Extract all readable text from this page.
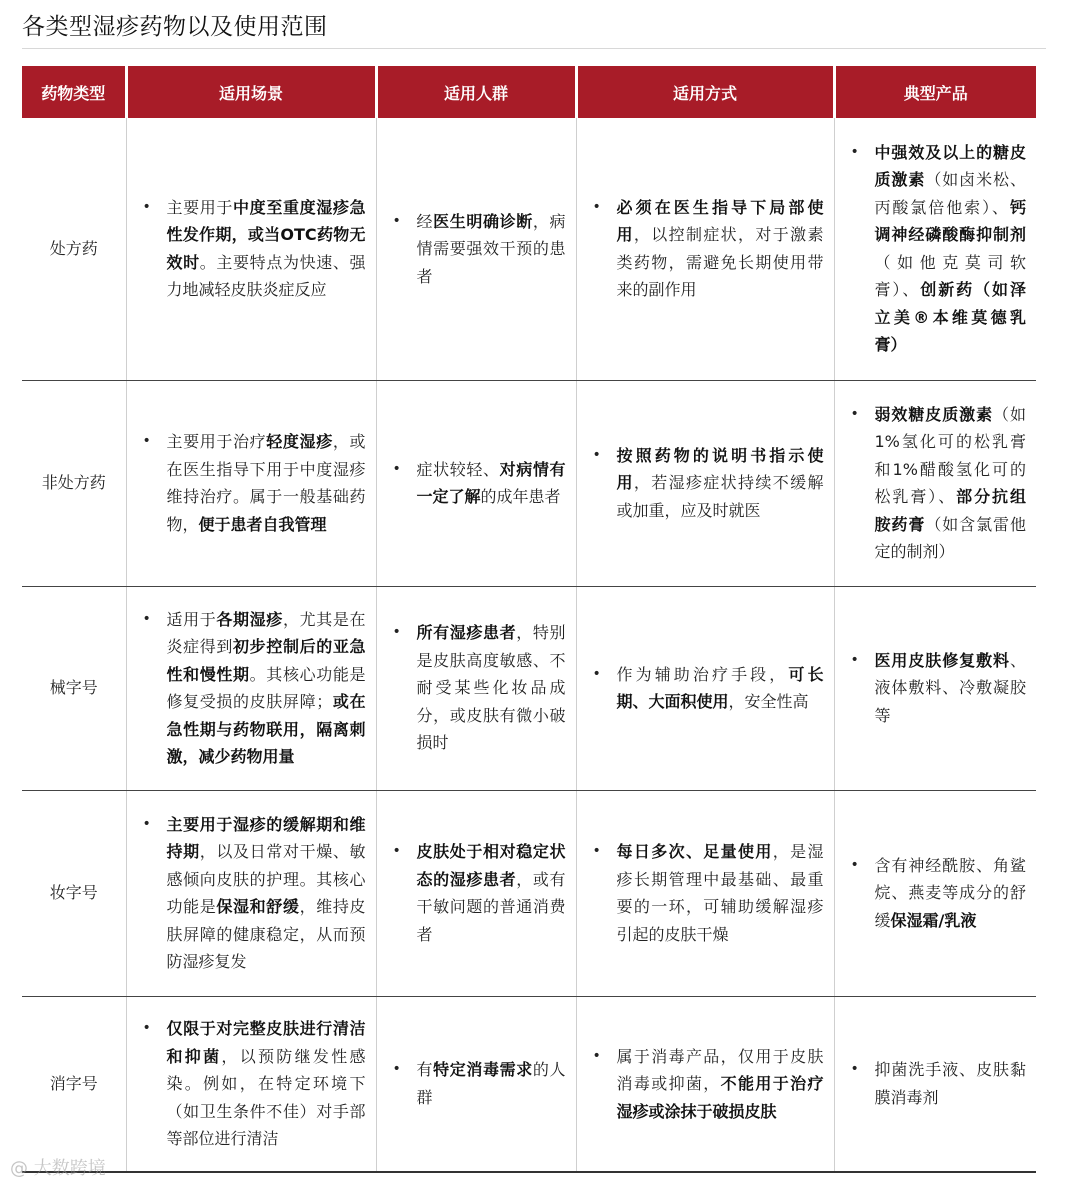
各类型湿疹药物以及使用范围
药物类型	适用场景	适用人群	适用方式	典型产品
处方药	• 主要用于中度至重度湿疹急性发作期，或当OTC药物无效时。主要特点为快速、强力地减轻皮肤炎症反应	• 经医生明确诊断，病情需要强效干预的患者	• 必须在医生指导下局部使用，以控制症状，对于激素类药物，需避免长期使用带来的副作用	• 中强效及以上的糖皮质激素（如卤米松、丙酸氯倍他索）、钙调神经磷酸酶抑制剂（如他克莫司软膏）、创新药（如泽立美®本维莫德乳膏）

非处方药	• 主要用于治疗轻度湿疹，或在医生指导下用于中度湿疹维持治疗。属于一般基础药物，便于患者自我管理	• 症状较轻、对病情有一定了解的成年患者	• 按照药物的说明书指示使用，若湿疹症状持续不缓解或加重，应及时就医	• 弱效糖皮质激素（如1%氢化可的松乳膏和1%醋酸氢化可的松乳膏）、部分抗组胺药膏（如含氯雷他定的制剂）

械字号	• 适用于各期湿疹，尤其是在炎症得到初步控制后的亚急性和慢性期。其核心功能是修复受损的皮肤屏障；或在急性期与药物联用，隔离刺激，减少药物用量	• 所有湿疹患者，特别是皮肤高度敏感、不耐受某些化妆品成分，或皮肤有微小破损时	• 作为辅助治疗手段，可长期、大面积使用，安全性高	• 医用皮肤修复敷料、液体敷料、冷敷凝胶等

妆字号	• 主要用于湿疹的缓解期和维持期，以及日常对干燥、敏感倾向皮肤的护理。其核心功能是保湿和舒缓，维持皮肤屏障的健康稳定，从而预防湿疹复发	• 皮肤处于相对稳定状态的湿疹患者，或有干敏问题的普通消费者	• 每日多次、足量使用，是湿疹长期管理中最基础、最重要的一环，可辅助缓解湿疹引起的皮肤干燥	• 含有神经酰胺、角鲨烷、燕麦等成分的舒缓保湿霜/乳液

消字号	• 仅限于对完整皮肤进行清洁和抑菌，以预防继发性感染。例如，在特定环境下（如卫生条件不佳）对手部等部位进行清洁	• 有特定消毒需求的人群	• 属于消毒产品，仅用于皮肤消毒或抑菌，不能用于治疗湿疹或涂抹于破损皮肤	• 抑菌洗手液、皮肤黏膜消毒剂
@ 大数跨境
